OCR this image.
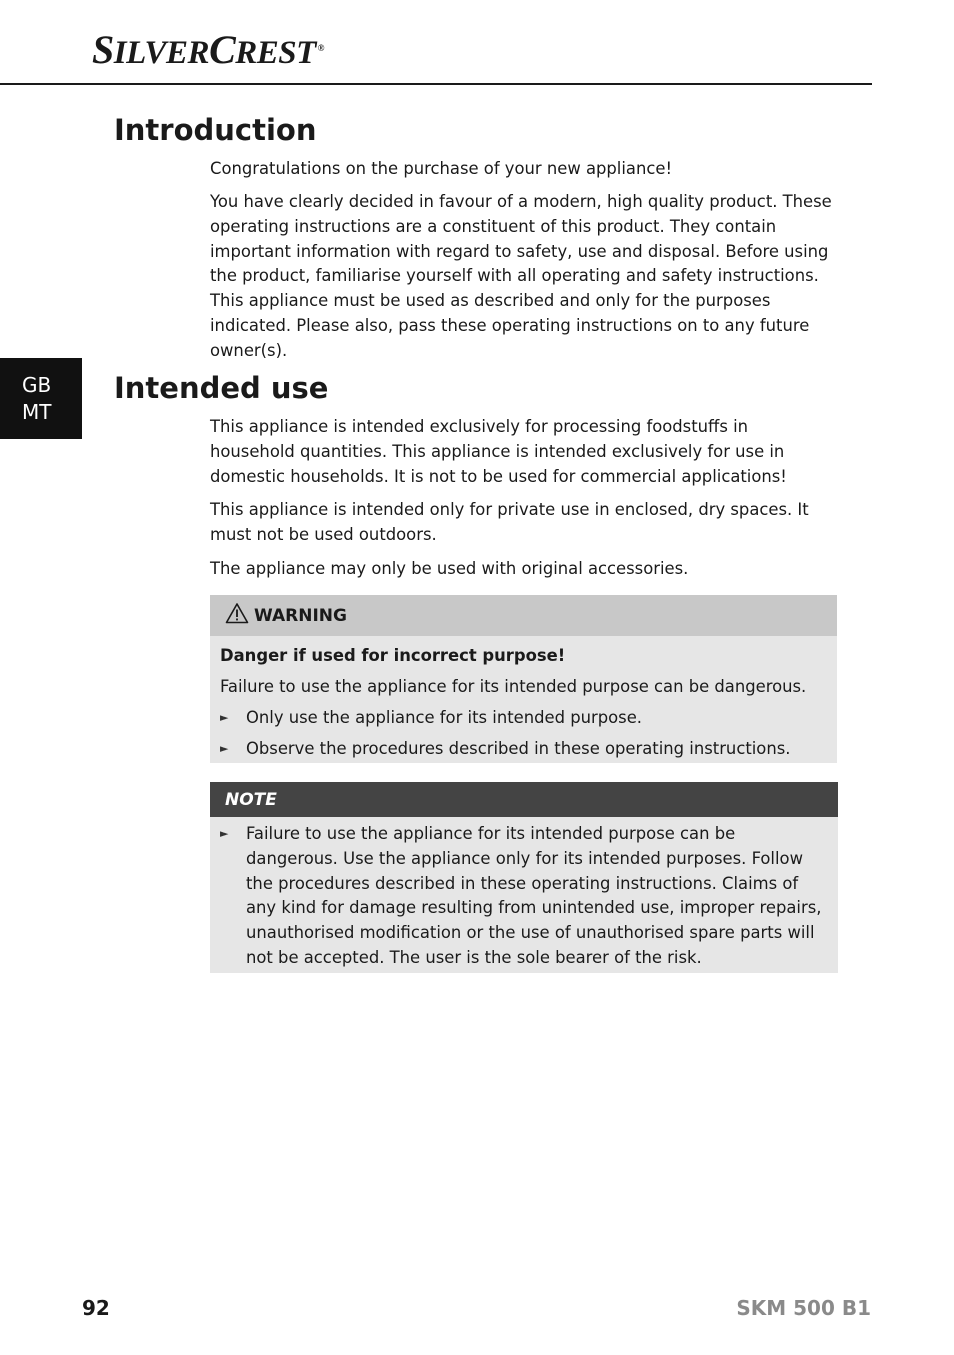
SILVERCREST ®
GB
MT
Introduction

Congratulations on the purchase of your new appliance!

You have clearly decided in favour of a modern, high quality product. These operating instructions are a constituent of this product. They contain important information with regard to safety, use and disposal. Before using the product, familiarise yourself with all operating and safety instructions. This appliance must be used as described and only for the purposes indicated. Please also, pass these operating instructions on to any future owner(s).

Intended use

This appliance is intended exclusively for processing foodstuffs in household quantities. This appliance is intended exclusively for use in domestic households. It is not to be used for commercial applications!

This appliance is intended only for private use in enclosed, dry spaces. It must not be used outdoors.

The appliance may only be used with original accessories.

WARNING
Danger if used for incorrect purpose!
Failure to use the appliance for its intended purpose can be dangerous.
►	Only use the appliance for its intended purpose.
►	Observe the procedures described in these operating instructions.
NOTE
►	Failure to use the appliance for its intended purpose can be dangerous. Use the appliance only for its intended purposes. Follow the procedures described in these operating instructions. Claims of any kind for damage resulting from unintended use, improper repairs, unauthorised modification or the use of unauthorised spare parts will not be accepted. The user is the sole bearer of the risk.
92	SKM 500 B1
